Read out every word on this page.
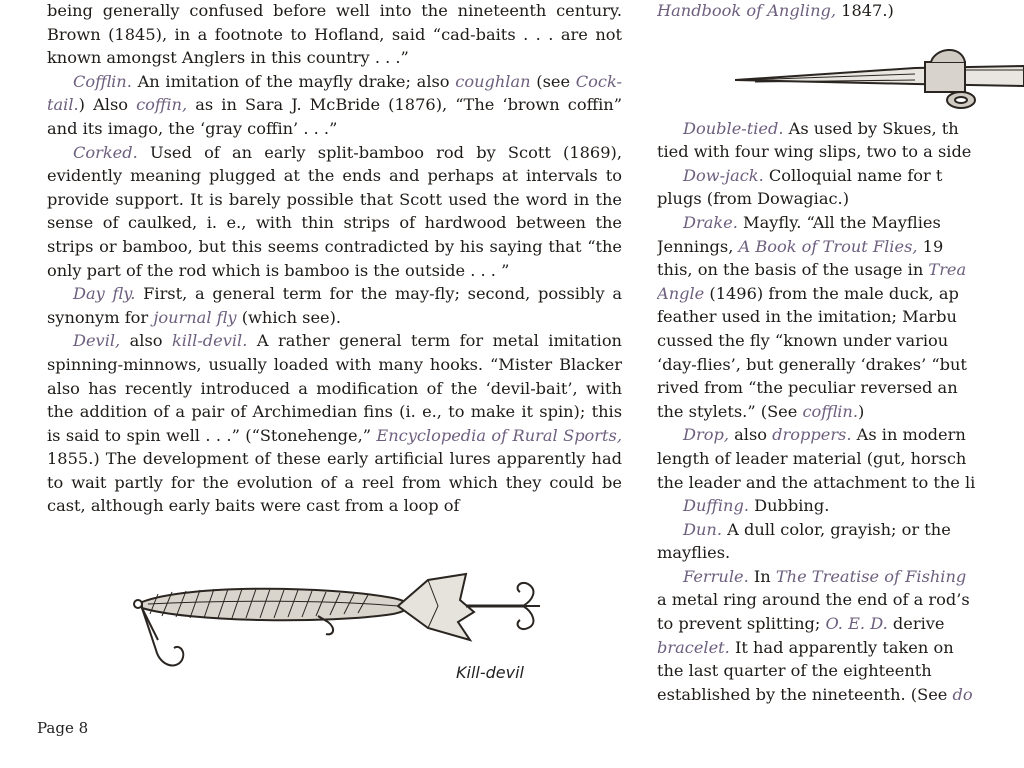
being generally confused before well into the nineteenth century. Brown (1845), in a footnote to Hofland, said “cad-baits . . . are not known amongst Anglers in this country . . .”

Cofflin. An imitation of the mayfly drake; also coughlan (see Cock-tail.) Also coffin, as in Sara J. McBride (1876), “The ‘brown coffin” and its imago, the ‘gray coffin’ . . .”

Corked. Used of an early split-bamboo rod by Scott (1869), evidently meaning plugged at the ends and perhaps at intervals to provide support. It is barely possible that Scott used the word in the sense of caulked, i. e., with thin strips of hardwood between the strips or bamboo, but this seems contradicted by his saying that “the only part of the rod which is bamboo is the outside . . . ”

Day fly. First, a general term for the may-fly; second, possibly a synonym for journal fly (which see).

Devil, also kill-devil. A rather general term for metal imitation spinning-minnows, usually loaded with many hooks. “Mister Blacker also has recently introduced a modification of the ‘devil-bait’, with the addition of a pair of Archimedian fins (i. e., to make it spin); this is said to spin well . . .” (“Stonehenge,” Encyclopedia of Rural Sports, 1855.) The development of these early artificial lures apparently had to wait partly for the evolution of a reel from which they could be cast, although early baits were cast from a loop of

Kill-devil
Page 8

Handbook of Angling, 1847.)

Double-tied. As used by Skues, th

tied with four wing slips, two to a side

Dow-jack. Colloquial name for t

plugs (from Dowagiac.)

Drake. Mayfly. “All the Mayflies

Jennings, A Book of Trout Flies, 19

this, on the basis of the usage in Trea

Angle (1496) from the male duck, ap

feather used in the imitation; Marbu

cussed the fly “known under variou

‘day-flies’, but generally ‘drakes’ “but

rived from “the peculiar reversed an

the stylets.” (See cofflin.)

Drop, also droppers. As in modern

length of leader material (gut, horsch

the leader and the attachment to the li

Duffing. Dubbing.

Dun. A dull color, grayish; or the

mayflies.

Ferrule. In The Treatise of Fishing

a metal ring around the end of a rod’s

to prevent splitting; O. E. D. derive

bracelet. It had apparently taken on

the last quarter of the eighteenth

established by the nineteenth. (See do
